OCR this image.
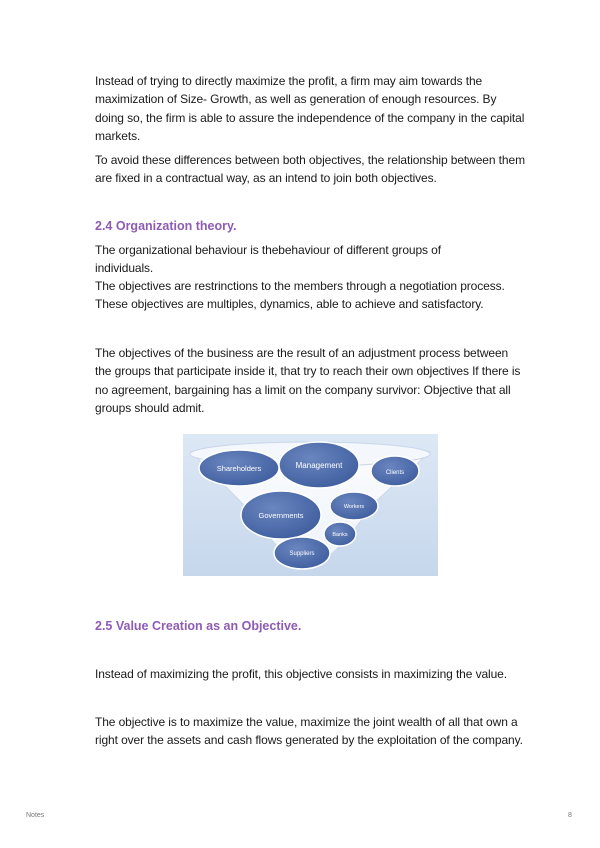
Instead of trying to directly maximize the profit, a firm may aim towards the maximization of Size- Growth, as well as generation of enough resources. By doing so, the firm is able to assure the independence of the company in the capital markets.

To avoid these differences between both objectives, the relationship between them are fixed in a contractual way, as an intend to join both objectives.

2.4 Organization theory.

The organizational behaviour is thebehaviour of different groups of individuals.

The objectives are restrinctions to the members through a negotiation process. These objectives are multiples, dynamics, able to achieve and satisfactory.

The objectives of the business are the result of an adjustment process between the groups that participate inside it, that try to reach their own objectives If there is no agreement, bargaining has a limit on the company survivor: Objective that all groups should admit.

Shareholders	Management
Clients
Governments
Workers
Banks
Suppliers
2.5 Value Creation as an Objective.

Instead of maximizing the profit, this objective consists in maximizing the value.

The objective is to maximize the value, maximize the joint wealth of all that own a right over the assets and cash flows generated by the exploitation of the company.

Notes	8
